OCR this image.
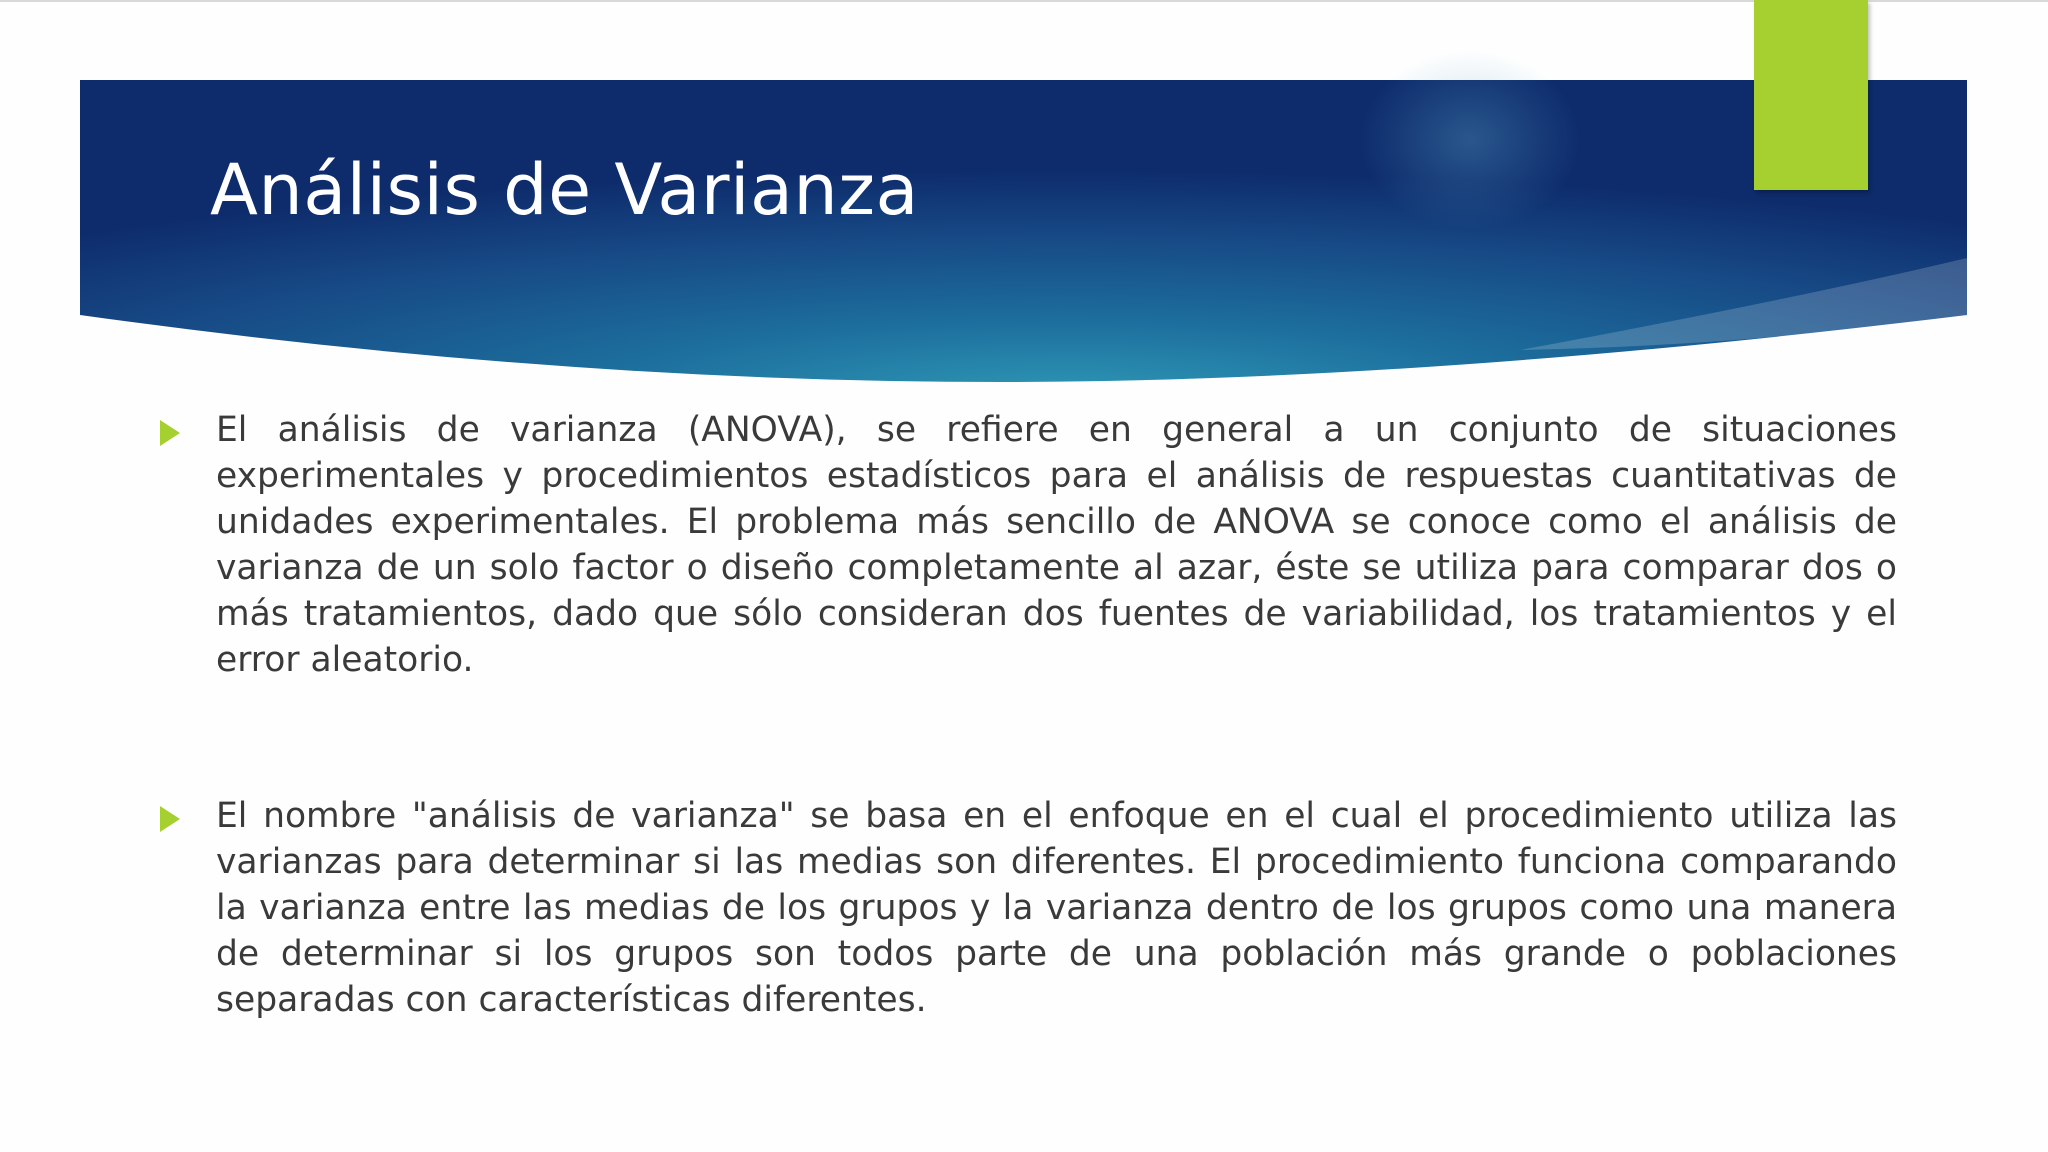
Análisis de Varianza
El análisis de varianza (ANOVA), se refiere en general a un conjunto de situaciones experimentales y procedimientos estadísticos para el análisis de respuestas cuantitativas de unidades experimentales. El problema más sencillo de ANOVA se conoce como el análisis de varianza de un solo factor o diseño completamente al azar, éste se utiliza para comparar dos o más tratamientos, dado que sólo consideran dos fuentes de variabilidad, los tratamientos y el error aleatorio.
El nombre "análisis de varianza" se basa en el enfoque en el cual el procedimiento utiliza las varianzas para determinar si las medias son diferentes. El procedimiento funciona comparando la varianza entre las medias de los grupos y la varianza dentro de los grupos como una manera de determinar si los grupos son todos parte de una población más grande o poblaciones separadas con características diferentes.
